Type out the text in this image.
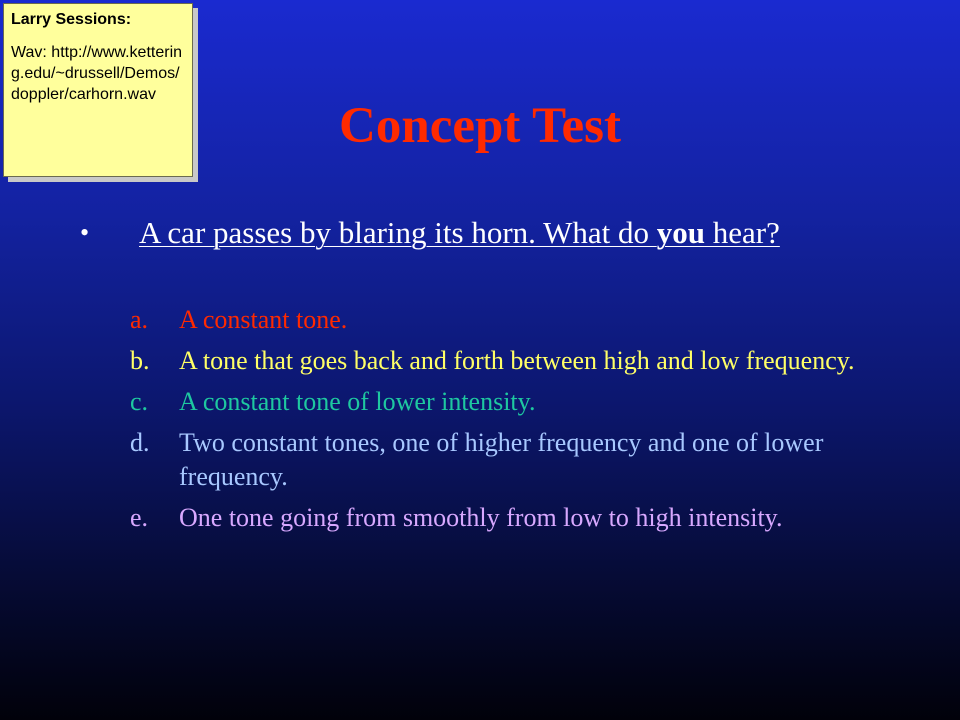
Larry Sessions:
Wav: http://www.kettering.edu/~drussell/Demos/doppler/carhorn.wav
Concept Test
• A car passes by blaring its horn. What do you hear?
a. A constant tone.
b. A tone that goes back and forth between high and low frequency.
c. A constant tone of lower intensity.
d. Two constant tones, one of higher frequency and one of lower frequency.
e. One tone going from smoothly from low to high intensity.
